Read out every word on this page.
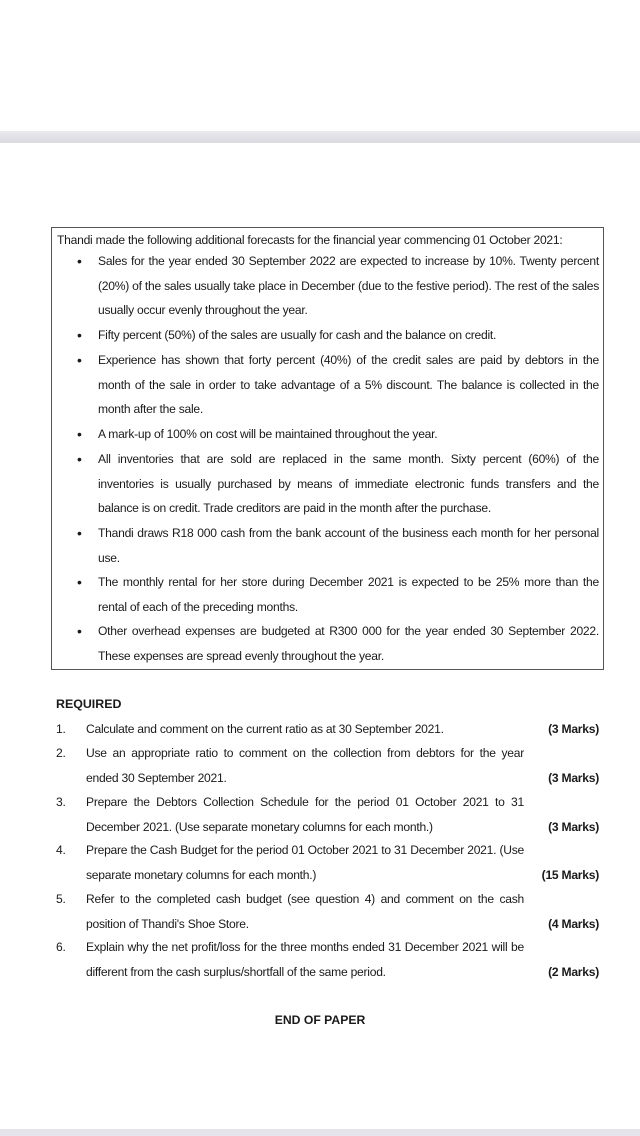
Thandi made the following additional forecasts for the financial year commencing 01 October 2021:
• Sales for the year ended 30 September 2022 are expected to increase by 10%. Twenty percent (20%) of the sales usually take place in December (due to the festive period). The rest of the sales usually occur evenly throughout the year.
• Fifty percent (50%) of the sales are usually for cash and the balance on credit.
• Experience has shown that forty percent (40%) of the credit sales are paid by debtors in the month of the sale in order to take advantage of a 5% discount. The balance is collected in the month after the sale.
• A mark-up of 100% on cost will be maintained throughout the year.
• All inventories that are sold are replaced in the same month. Sixty percent (60%) of the inventories is usually purchased by means of immediate electronic funds transfers and the balance is on credit. Trade creditors are paid in the month after the purchase.
• Thandi draws R18 000 cash from the bank account of the business each month for her personal use.
• The monthly rental for her store during December 2021 is expected to be 25% more than the rental of each of the preceding months.
• Other overhead expenses are budgeted at R300 000 for the year ended 30 September 2022. These expenses are spread evenly throughout the year.
REQUIRED
1. Calculate and comment on the current ratio as at 30 September 2021.	(3 Marks)
2. Use an appropriate ratio to comment on the collection from debtors for the year ended 30 September 2021.	(3 Marks)
3. Prepare the Debtors Collection Schedule for the period 01 October 2021 to 31 December 2021. (Use separate monetary columns for each month.)	(3 Marks)
4. Prepare the Cash Budget for the period 01 October 2021 to 31 December 2021. (Use separate monetary columns for each month.)	(15 Marks)
5. Refer to the completed cash budget (see question 4) and comment on the cash position of Thandi's Shoe Store.	(4 Marks)
6. Explain why the net profit/loss for the three months ended 31 December 2021 will be different from the cash surplus/shortfall of the same period.	(2 Marks)
END OF PAPER
